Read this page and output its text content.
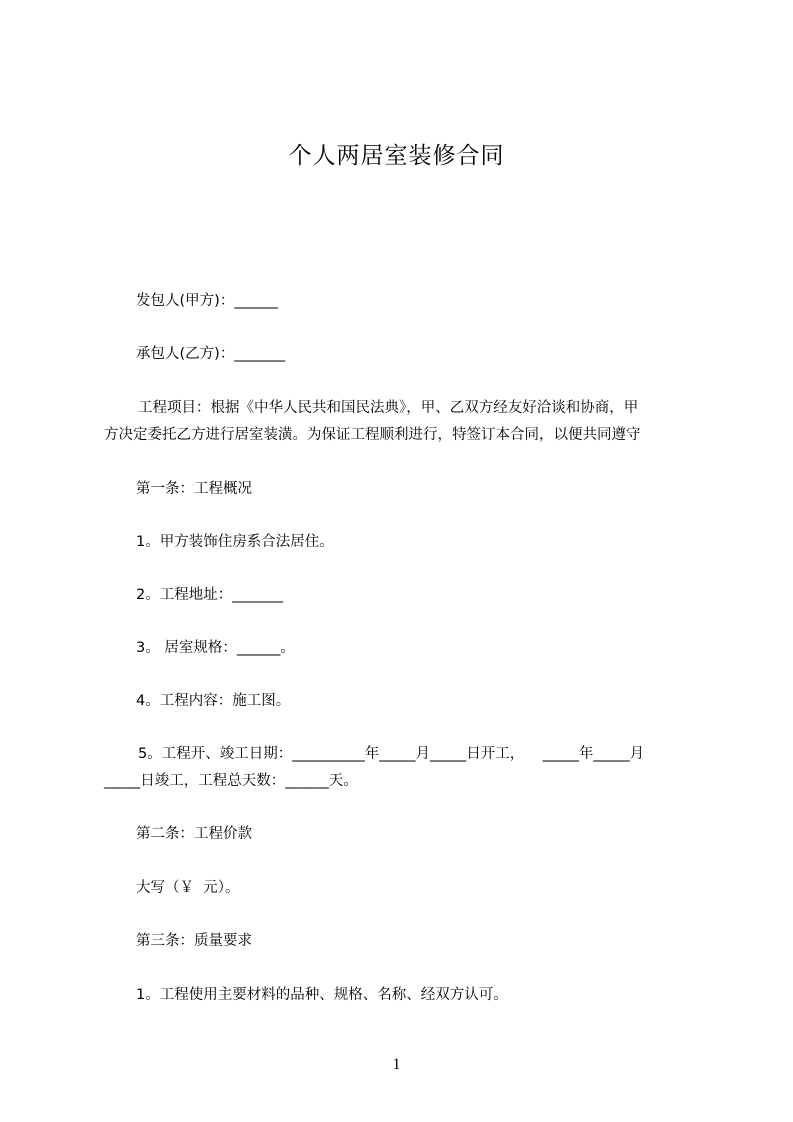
个人两居室装修合同
发包人(甲方)：______
承包人(乙方)：_______
工程项目：根据《中华人民共和国民法典》，甲、乙双方经友好洽谈和协商，甲
方决定委托乙方进行居室装潢。为保证工程顺利进行，特签订本合同，以便共同遵守
第一条：工程概况
1。甲方装饰住房系合法居住。
2。工程地址：_______
3。 居室规格：______。
4。工程内容：施工图。
5。工程开、竣工日期：__________年_____月_____日开工，    _____年_____月
_____日竣工，工程总天数：______天。
第二条：工程价款
大写（￥  元）。
第三条：质量要求
1。工程使用主要材料的品种、规格、名称、经双方认可。
1
